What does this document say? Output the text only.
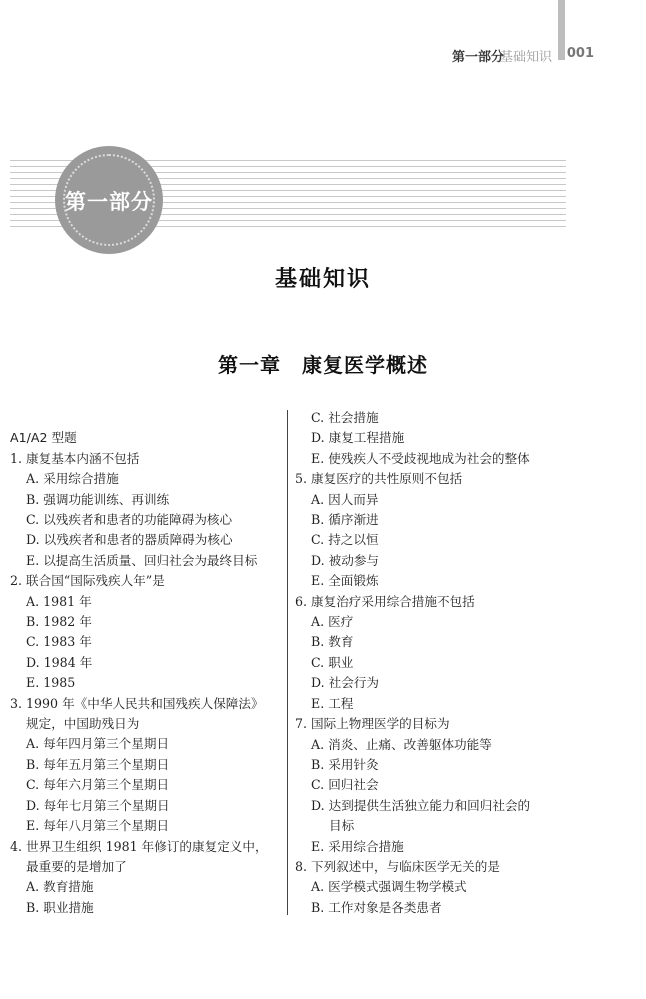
第一部分
基础知识 001
第一部分
基础知识
第一章　康复医学概述
A1/A2 型题
1. 康复基本内涵不包括
A. 采用综合措施
B. 强调功能训练、再训练
C. 以残疾者和患者的功能障碍为核心
D. 以残疾者和患者的器质障碍为核心
E. 以提高生活质量、回归社会为最终目标
2. 联合国“国际残疾人年”是
A. 1981 年
B. 1982 年
C. 1983 年
D. 1984 年
E. 1985
3. 1990 年《中华人民共和国残疾人保障法》
规定，中国助残日为
A. 每年四月第三个星期日
B. 每年五月第三个星期日
C. 每年六月第三个星期日
D. 每年七月第三个星期日
E. 每年八月第三个星期日
4. 世界卫生组织 1981 年修订的康复定义中，
最重要的是增加了
A. 教育措施
B. 职业措施
C. 社会措施
D. 康复工程措施
E. 使残疾人不受歧视地成为社会的整体
5. 康复医疗的共性原则不包括
A. 因人而异
B. 循序渐进
C. 持之以恒
D. 被动参与
E. 全面锻炼
6. 康复治疗采用综合措施不包括
A. 医疗
B. 教育
C. 职业
D. 社会行为
E. 工程
7. 国际上物理医学的目标为
A. 消炎、止痛、改善躯体功能等
B. 采用针灸
C. 回归社会
D. 达到提供生活独立能力和回归社会的
目标
E. 采用综合措施
8. 下列叙述中，与临床医学无关的是
A. 医学模式强调生物学模式
B. 工作对象是各类患者
